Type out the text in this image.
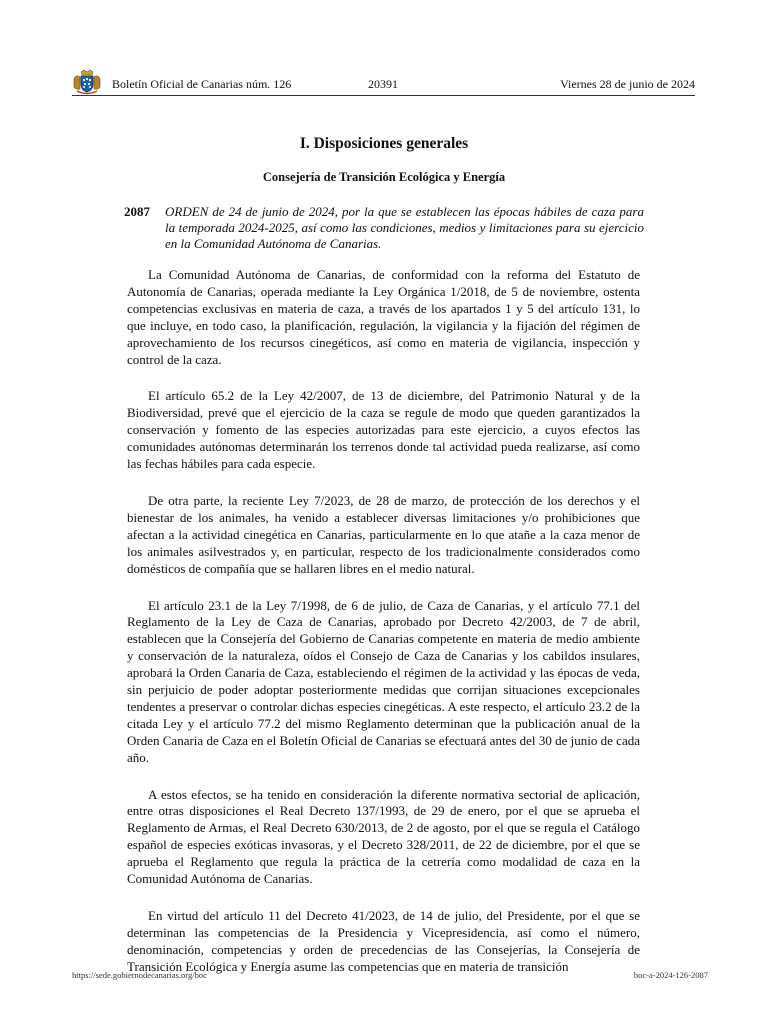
Boletín Oficial de Canarias núm. 126	20391	Viernes 28 de junio de 2024
I. Disposiciones generales
Consejería de Transición Ecológica y Energía
2087 ORDEN de 24 de junio de 2024, por la que se establecen las épocas hábiles de caza para la temporada 2024-2025, así como las condiciones, medios y limitaciones para su ejercicio en la Comunidad Autónoma de Canarias.

La Comunidad Autónoma de Canarias, de conformidad con la reforma del Estatuto de Autonomía de Canarias, operada mediante la Ley Orgánica 1/2018, de 5 de noviembre, ostenta competencias exclusivas en materia de caza, a través de los apartados 1 y 5 del artículo 131, lo que incluye, en todo caso, la planificación, regulación, la vigilancia y la fijación del régimen de aprovechamiento de los recursos cinegéticos, así como en materia de vigilancia, inspección y control de la caza.

El artículo 65.2 de la Ley 42/2007, de 13 de diciembre, del Patrimonio Natural y de la Biodiversidad, prevé que el ejercicio de la caza se regule de modo que queden garantizados la conservación y fomento de las especies autorizadas para este ejercicio, a cuyos efectos las comunidades autónomas determinarán los terrenos donde tal actividad pueda realizarse, así como las fechas hábiles para cada especie.

De otra parte, la reciente Ley 7/2023, de 28 de marzo, de protección de los derechos y el bienestar de los animales, ha venido a establecer diversas limitaciones y/o prohibiciones que afectan a la actividad cinegética en Canarias, particularmente en lo que atañe a la caza menor de los animales asilvestrados y, en particular, respecto de los tradicionalmente considerados como domésticos de compañía que se hallaren libres en el medio natural.

El artículo 23.1 de la Ley 7/1998, de 6 de julio, de Caza de Canarias, y el artículo 77.1 del Reglamento de la Ley de Caza de Canarias, aprobado por Decreto 42/2003, de 7 de abril, establecen que la Consejería del Gobierno de Canarias competente en materia de medio ambiente y conservación de la naturaleza, oídos el Consejo de Caza de Canarias y los cabildos insulares, aprobará la Orden Canaria de Caza, estableciendo el régimen de la actividad y las épocas de veda, sin perjuicio de poder adoptar posteriormente medidas que corrijan situaciones excepcionales tendentes a preservar o controlar dichas especies cinegéticas. A este respecto, el artículo 23.2 de la citada Ley y el artículo 77.2 del mismo Reglamento determinan que la publicación anual de la Orden Canaria de Caza en el Boletín Oficial de Canarias se efectuará antes del 30 de junio de cada año.

A estos efectos, se ha tenido en consideración la diferente normativa sectorial de aplicación, entre otras disposiciones el Real Decreto 137/1993, de 29 de enero, por el que se aprueba el Reglamento de Armas, el Real Decreto 630/2013, de 2 de agosto, por el que se regula el Catálogo español de especies exóticas invasoras, y el Decreto 328/2011, de 22 de diciembre, por el que se aprueba el Reglamento que regula la práctica de la cetrería como modalidad de caza en la Comunidad Autónoma de Canarias.

En virtud del artículo 11 del Decreto 41/2023, de 14 de julio, del Presidente, por el que se determinan las competencias de la Presidencia y Vicepresidencia, así como el número, denominación, competencias y orden de precedencias de las Consejerías, la Consejería de Transición Ecológica y Energía asume las competencias que en materia de transición

https://sede.gobiernodecanarias.org/boc	boc-a-2024-126-2087
